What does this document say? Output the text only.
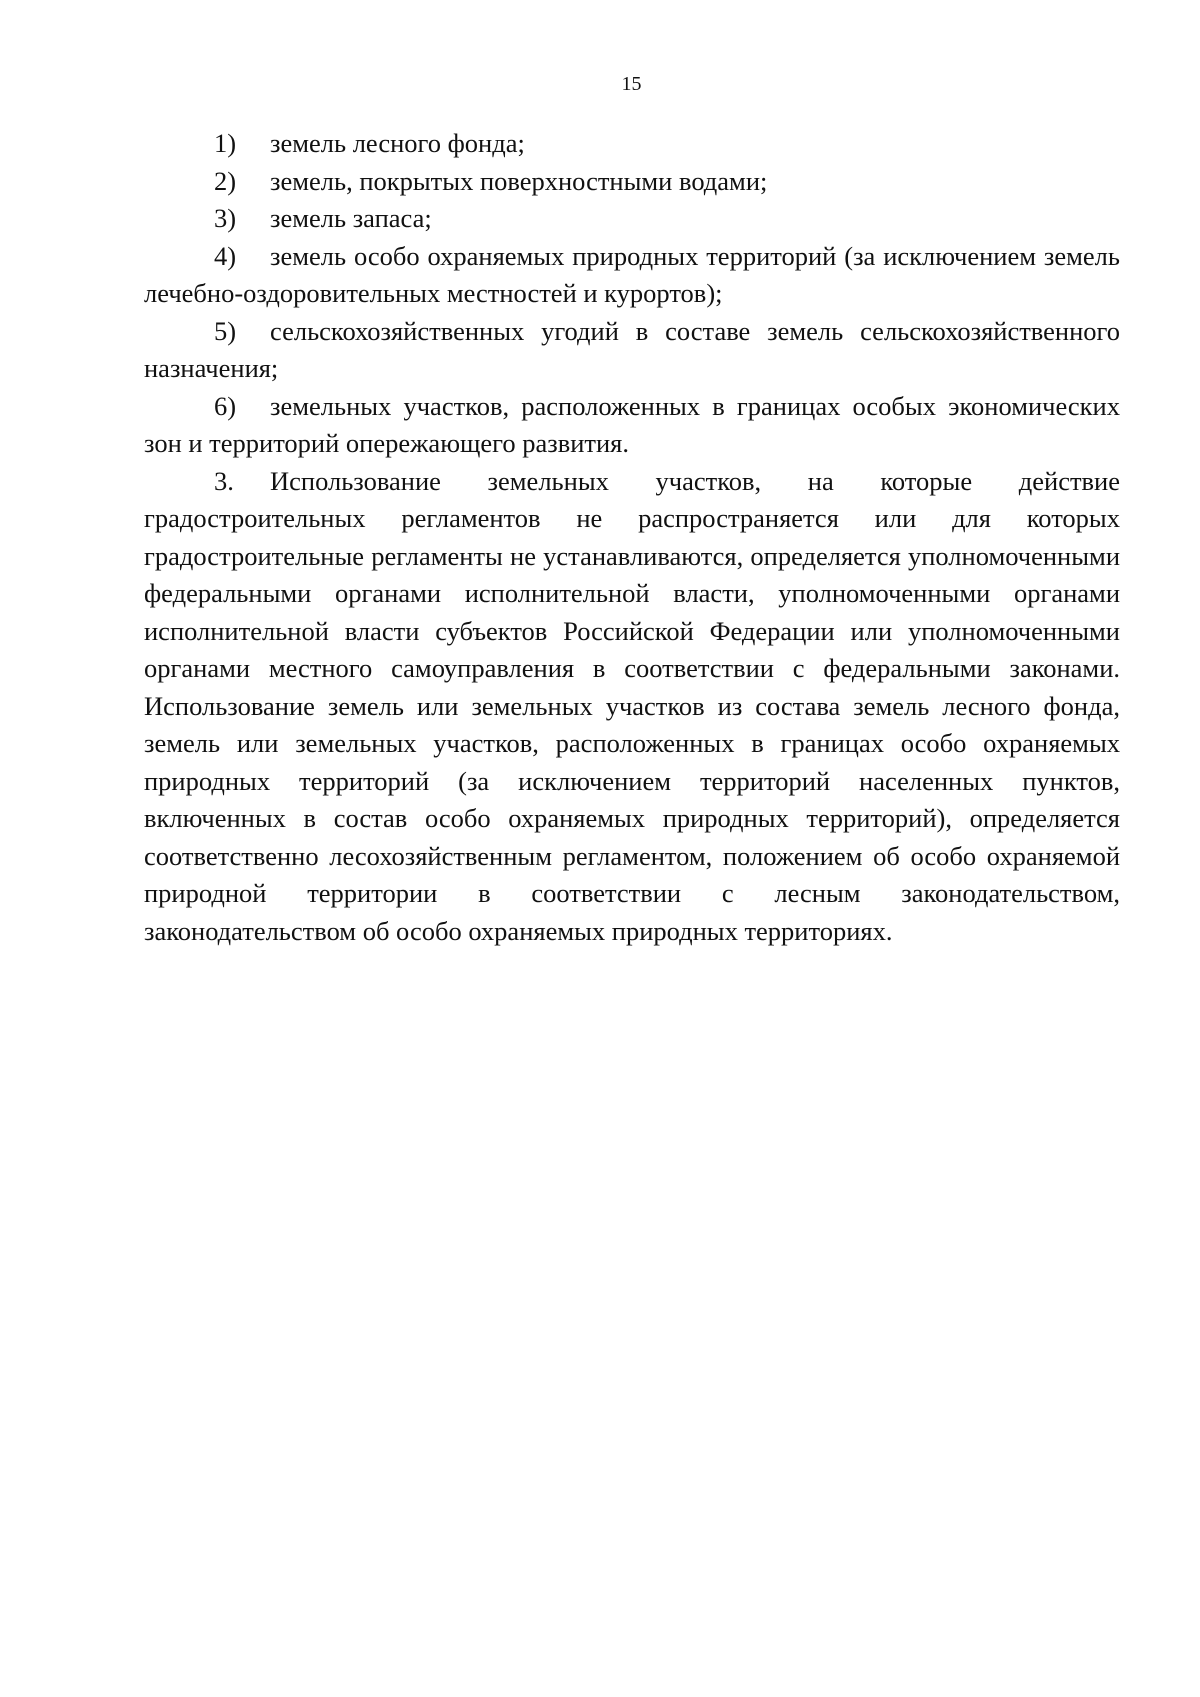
15

1) земель лесного фонда;

2) земель, покрытых поверхностными водами;

3) земель запаса;

4) земель особо охраняемых природных территорий (за исключением земель лечебно-оздоровительных местностей и курортов);

5) сельскохозяйственных угодий в составе земель сельскохозяйственного назначения;

6) земельных участков, расположенных в границах особых экономических зон и территорий опережающего развития.

3. Использование земельных участков, на которые действие градостроительных регламентов не распространяется или для которых градостроительные регламенты не устанавливаются, определяется уполномоченными федеральными органами исполнительной власти, уполномоченными органами исполнительной власти субъектов Российской Федерации или уполномоченными органами местного самоуправления в соответствии с федеральными законами. Использование земель или земельных участков из состава земель лесного фонда, земель или земельных участков, расположенных в границах особо охраняемых природных территорий (за исключением территорий населенных пунктов, включенных в состав особо охраняемых природных территорий), определяется соответственно лесохозяйственным регламентом, положением об особо охраняемой природной территории в соответствии с лесным законодательством, законодательством об особо охраняемых природных территориях.
